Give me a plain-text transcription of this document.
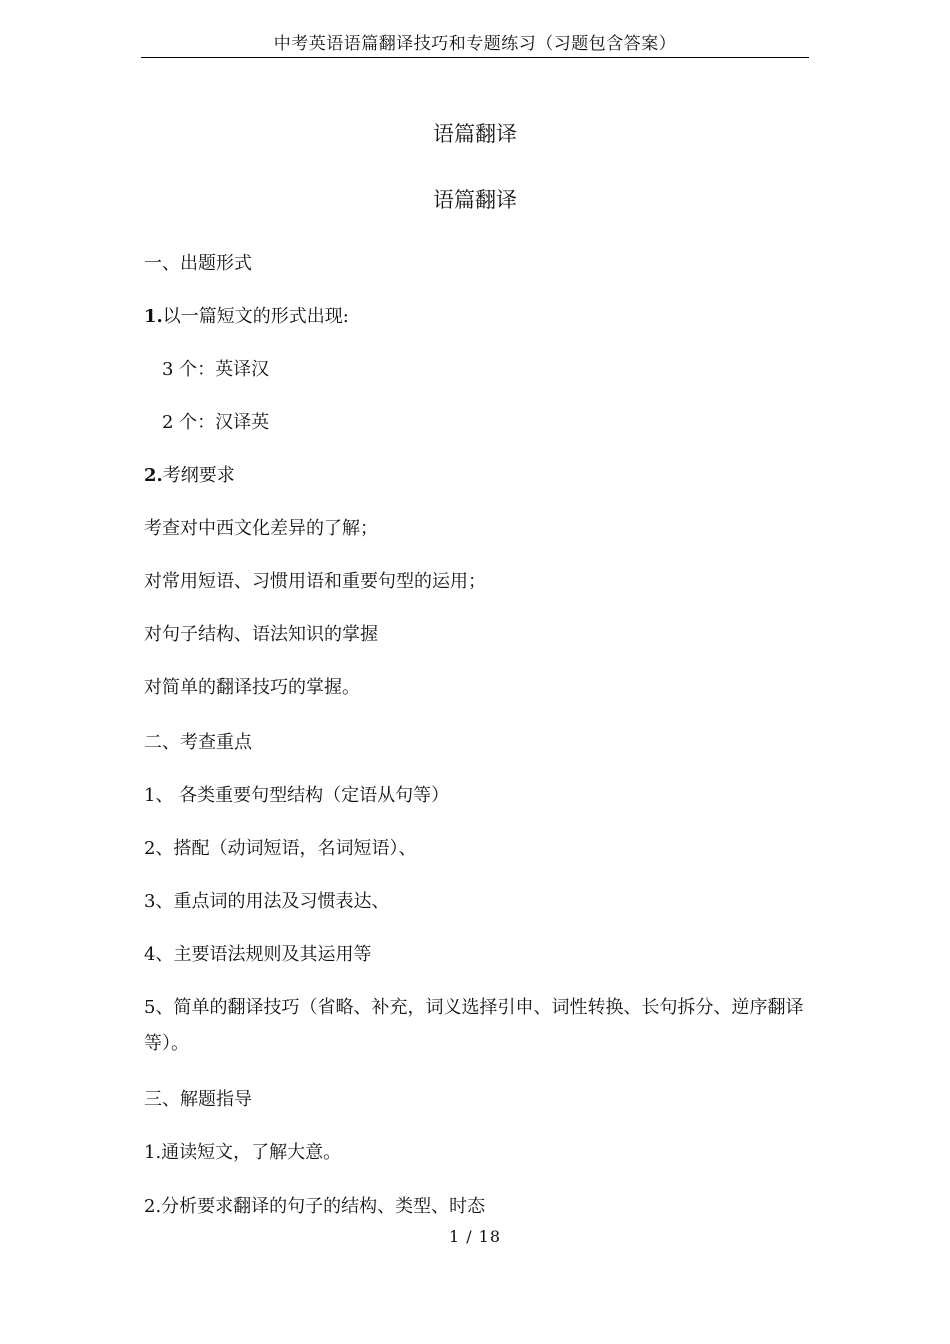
中考英语语篇翻译技巧和专题练习（习题包含答案）
语篇翻译
语篇翻译
一、出题形式
1.以一篇短文的形式出现:
3 个：英译汉
2 个：汉译英
2.考纲要求
考查对中西文化差异的了解；
对常用短语、习惯用语和重要句型的运用；
对句子结构、语法知识的掌握
对简单的翻译技巧的掌握。
二、考查重点
1、 各类重要句型结构（定语从句等）
2、搭配（动词短语，名词短语）、
3、重点词的用法及习惯表达、
4、主要语法规则及其运用等
5、简单的翻译技巧（省略、补充，词义选择引申、词性转换、长句拆分、逆序翻译等）。
三、解题指导
1.通读短文，了解大意。
2.分析要求翻译的句子的结构、类型、时态
1 / 18
